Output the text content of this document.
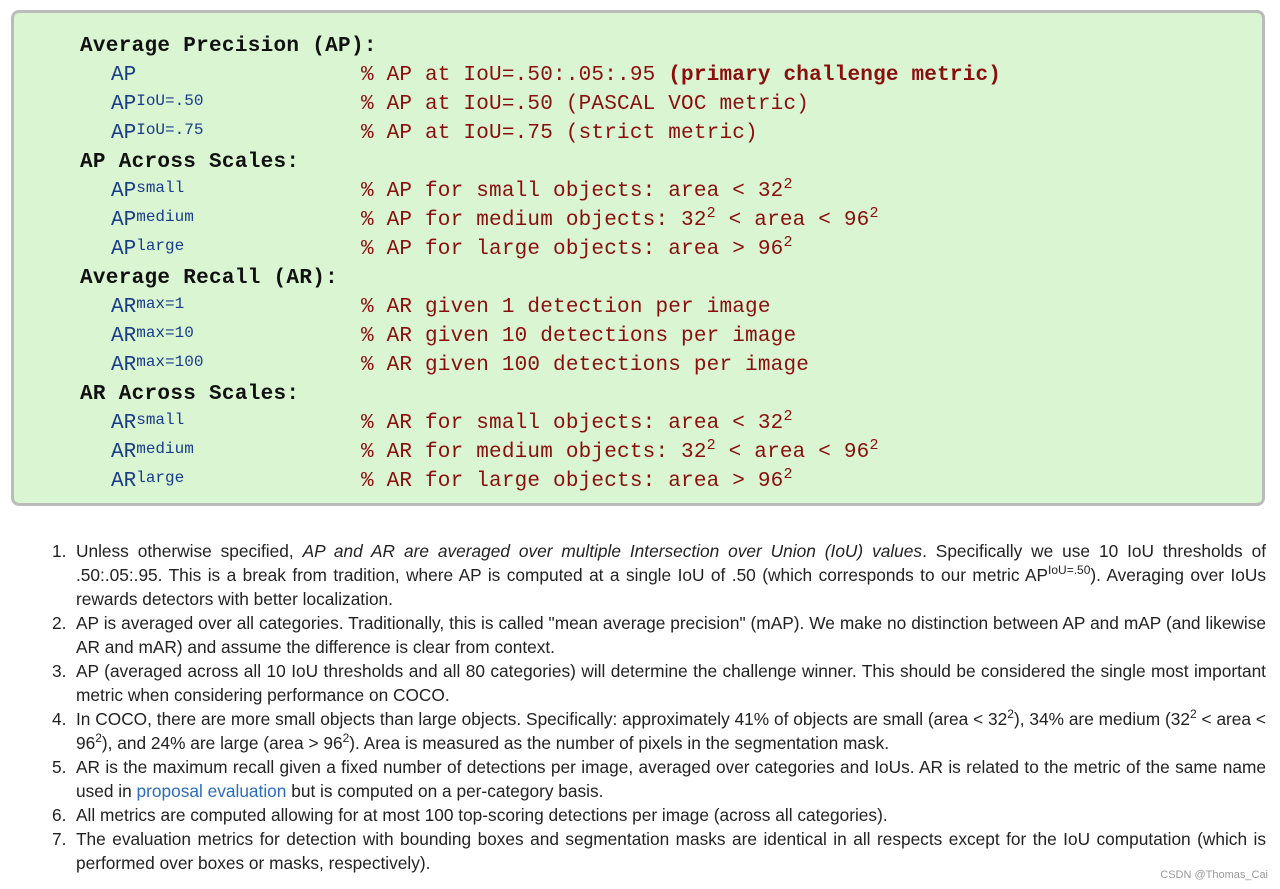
Average Precision (AP):
AP	% AP at IoU=.50:.05:.95 (primary challenge metric)
$AP^{IoU=.50}$	% AP at IoU=.50 (PASCAL VOC metric)
$AP^{IoU=.75}$	% AP at IoU=.75 (strict metric)
AP Across Scales:
$AP^{small}$	% AP for small objects: area < $32^2$
$AP^{medium}$	% AP for medium objects: $32^2$ < area < $96^2$
$AP^{large}$	% AP for large objects: area > $96^2$
Average Recall (AR):
$AR^{max=1}$	% AR given 1 detection per image
$AR^{max=10}$	% AR given 10 detections per image
$AR^{max=100}$	% AR given 100 detections per image
AR Across Scales:
$AR^{small}$	% AR for small objects: area < $32^2$
$AR^{medium}$	% AR for medium objects: $32^2$ < area < $96^2$
$AR^{large}$	% AR for large objects: area > $96^2$
1. Unless otherwise specified, AP and AR are averaged over multiple Intersection over Union (IoU) values. Specifically we use 10 IoU thresholds of .50:.05:.95. This is a break from tradition, where AP is computed at a single IoU of .50 (which corresponds to our metric $AP^{IoU=.50}$). Averaging over IoUs rewards detectors with better localization.
2. AP is averaged over all categories. Traditionally, this is called "mean average precision" (mAP). We make no distinction between AP and mAP (and likewise AR and mAR) and assume the difference is clear from context.
3. AP (averaged across all 10 IoU thresholds and all 80 categories) will determine the challenge winner. This should be considered the single most important metric when considering performance on COCO.
4. In COCO, there are more small objects than large objects. Specifically: approximately 41% of objects are small (area < $32^2$), 34% are medium ($32^2$ < area < $96^2$), and 24% are large (area > $96^2$). Area is measured as the number of pixels in the segmentation mask.
5. AR is the maximum recall given a fixed number of detections per image, averaged over categories and IoUs. AR is related to the metric of the same name used in proposal evaluation but is computed on a per-category basis.
6. All metrics are computed allowing for at most 100 top-scoring detections per image (across all categories).
7. The evaluation metrics for detection with bounding boxes and segmentation masks are identical in all respects except for the IoU computation (which is performed over boxes or masks, respectively).
CSDN @Thomas_Cai
